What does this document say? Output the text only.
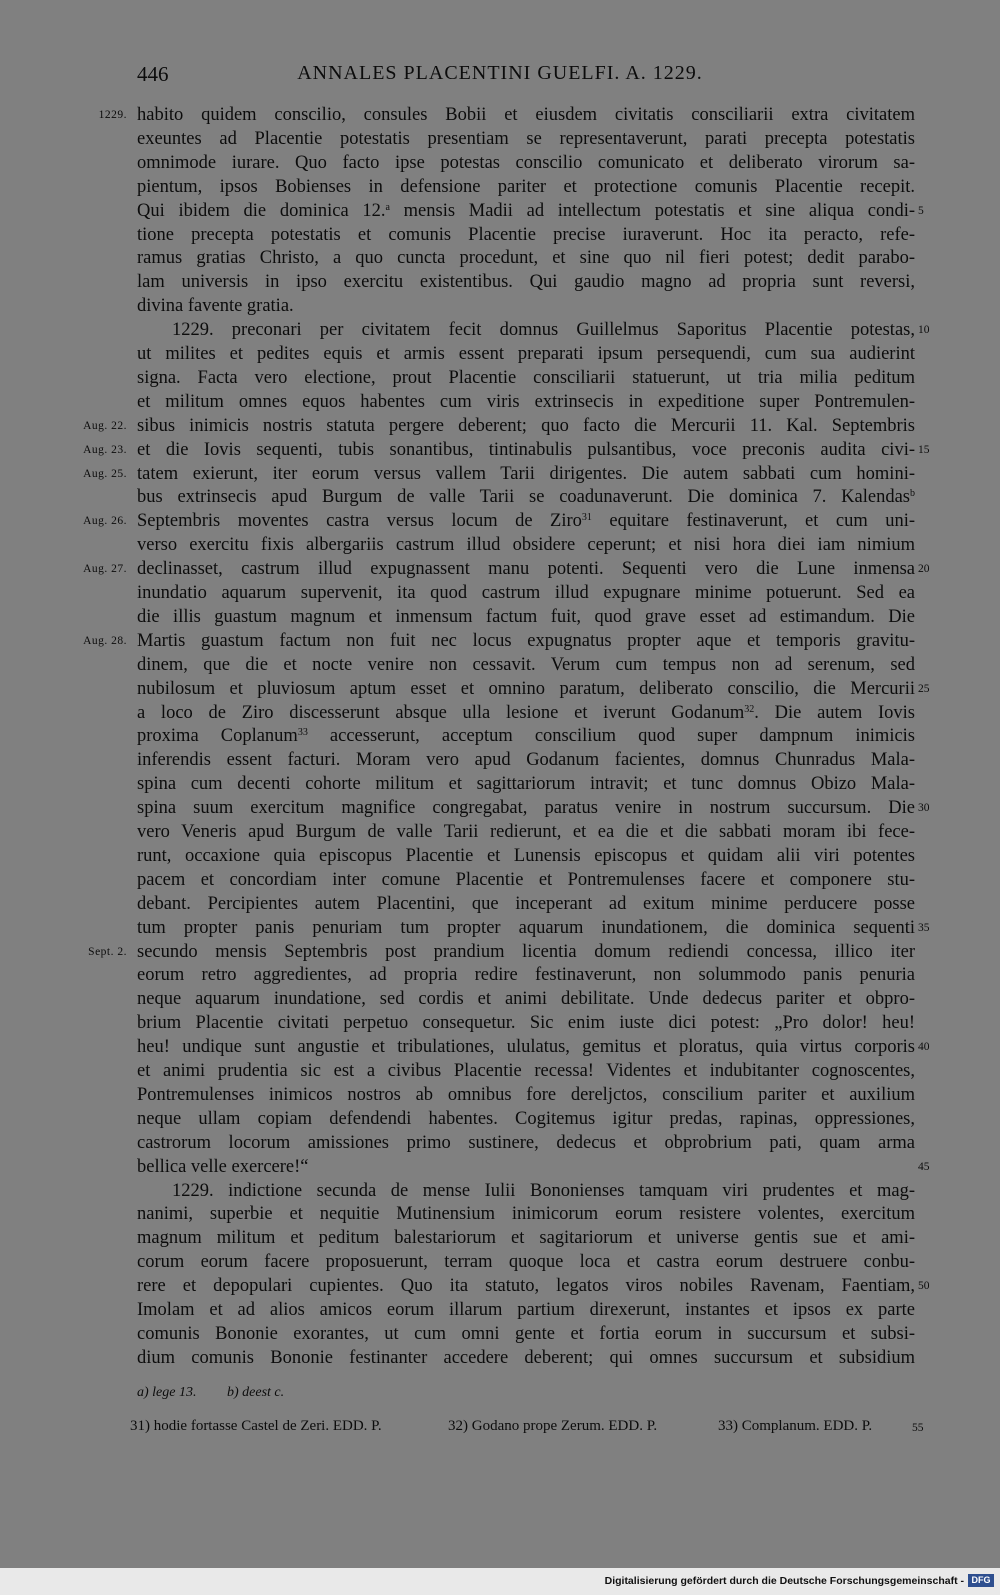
446	ANNALES PLACENTINI GUELFI. A. 1229.
habito quidem conscilio, consules Bobii et eiusdem civitatis consciliarii extra civitatem
1229.
exeuntes ad Placentie potestatis presentiam se representaverunt, parati precepta potestatis
omnimode iurare. Quo facto ipse potestas conscilio comunicato et deliberato virorum sa-
pientum, ipsos Bobienses in defensione pariter et protectione comunis Placentie recepit.
Qui ibidem die dominica 12.$^a$ mensis Madii ad intellectum potestatis et sine aliqua condi- 5
tione precepta potestatis et comunis Placentie precise iuraverunt. Hoc ita peracto, refe-
ramus gratias Christo, a quo cuncta procedunt, et sine quo nil fieri potest; dedit parabo-
lam universis in ipso exercitu existentibus. Qui gaudio magno ad propria sunt reversi,
divina favente gratia.
1229. preconari per civitatem fecit domnus Guillelmus Saporitus Placentie potestas, 10
ut milites et pedites equis et armis essent preparati ipsum persequendi, cum sua audierint
signa. Facta vero electione, prout Placentie consciliarii statuerunt, ut tria milia peditum
et militum omnes equos habentes cum viris extrinsecis in expeditione super Pontremulen-
sibus inimicis nostris statuta pergere deberent; quo facto die Mercurii 11. Kal. Septembris
Aug. 22.
et die Iovis sequenti, tubis sonantibus, tintinabulis pulsantibus, voce preconis audita civi-
Aug. 23.	15
tatem exierunt, iter eorum versus vallem Tarii dirigentes. Die autem sabbati cum homini-
Aug. 25.
bus extrinsecis apud Burgum de valle Tarii se coadunaverunt. Die dominica 7. Kalendas$^b$
Septembris moventes castra versus locum de Ziro$^{31}$ equitare festinaverunt, et cum uni-
Aug. 26.
verso exercitu fixis albergariis castrum illud obsidere ceperunt; et nisi hora diei iam nimium
declinasset, castrum illud expugnassent manu potenti. Sequenti vero die Lune inmensa
Aug. 27.	20
inundatio aquarum supervenit, ita quod castrum illud expugnare minime potuerunt. Sed ea
die illis guastum magnum et inmensum factum fuit, quod grave esset ad estimandum. Die
Martis guastum factum non fuit nec locus expugnatus propter aque et temporis gravitu-
Aug. 28.
dinem, que die et nocte venire non cessavit. Verum cum tempus non ad serenum, sed
nubilosum et pluviosum aptum esset et omnino paratum, deliberato conscilio, die Mercurii 25
a loco de Ziro discesserunt absque ulla lesione et iverunt Godanum$^{32}$. Die autem Iovis
proxima Coplanum$^{33}$ accesserunt, acceptum conscilium quod super dampnum inimicis
inferendis essent facturi. Moram vero apud Godanum facientes, domnus Chunradus Mala-
spina cum decenti cohorte militum et sagittariorum intravit; et tunc domnus Obizo Mala-
spina suum exercitum magnifice congregabat, paratus venire in nostrum succursum. Die 30
vero Veneris apud Burgum de valle Tarii redierunt, et ea die et die sabbati moram ibi fece-
runt, occaxione quia episcopus Placentie et Lunensis episcopus et quidam alii viri potentes
pacem et concordiam inter comune Placentie et Pontremulenses facere et componere stu-
debant. Percipientes autem Placentini, que inceperant ad exitum minime perducere posse
tum propter panis penuriam tum propter aquarum inundationem, die dominica sequenti 35
secundo mensis Septembris post prandium licentia domum rediendi concessa, illico iter
Sept. 2.
eorum retro aggredientes, ad propria redire festinaverunt, non solummodo panis penuria
neque aquarum inundatione, sed cordis et animi debilitate. Unde dedecus pariter et obpro-
brium Placentie civitati perpetuo consequetur. Sic enim iuste dici potest: „Pro dolor! heu!
heu! undique sunt angustie et tribulationes, ululatus, gemitus et ploratus, quia virtus corporis 40
et animi prudentia sic est a civibus Placentie recessa! Videntes et indubitanter cognoscentes,
Pontremulenses inimicos nostros ab omnibus fore dereljctos, conscilium pariter et auxilium
neque ullam copiam defendendi habentes. Cogitemus igitur predas, rapinas, oppressiones,
castrorum locorum amissiones primo sustinere, dedecus et obprobrium pati, quam arma
bellica velle exercere!“	45
1229. indictione secunda de mense Iulii Bononienses tamquam viri prudentes et mag-
nanimi, superbie et nequitie Mutinensium inimicorum eorum resistere volentes, exercitum
magnum militum et peditum balestariorum et sagitariorum et universe gentis sue et ami-
corum eorum facere proposuerunt, terram quoque loca et castra eorum destruere conbu-
rere et depopulari cupientes. Quo ita statuto, legatos viros nobiles Ravenam, Faentiam, 50
Imolam et ad alios amicos eorum illarum partium direxerunt, instantes et ipsos ex parte
comunis Bononie exorantes, ut cum omni gente et fortia eorum in succursum et subsi-
dium comunis Bononie festinanter accedere deberent; qui omnes succursum et subsidium
a) lege 13. b) deest c.
31) hodie fortasse Castel de Zeri. EDD. P.	32) Godano prope Zerum. EDD. P.	33) Complanum. EDD. P.	55
Digitalisierung gefördert durch die Deutsche Forschungsgemeinschaft - DFG
